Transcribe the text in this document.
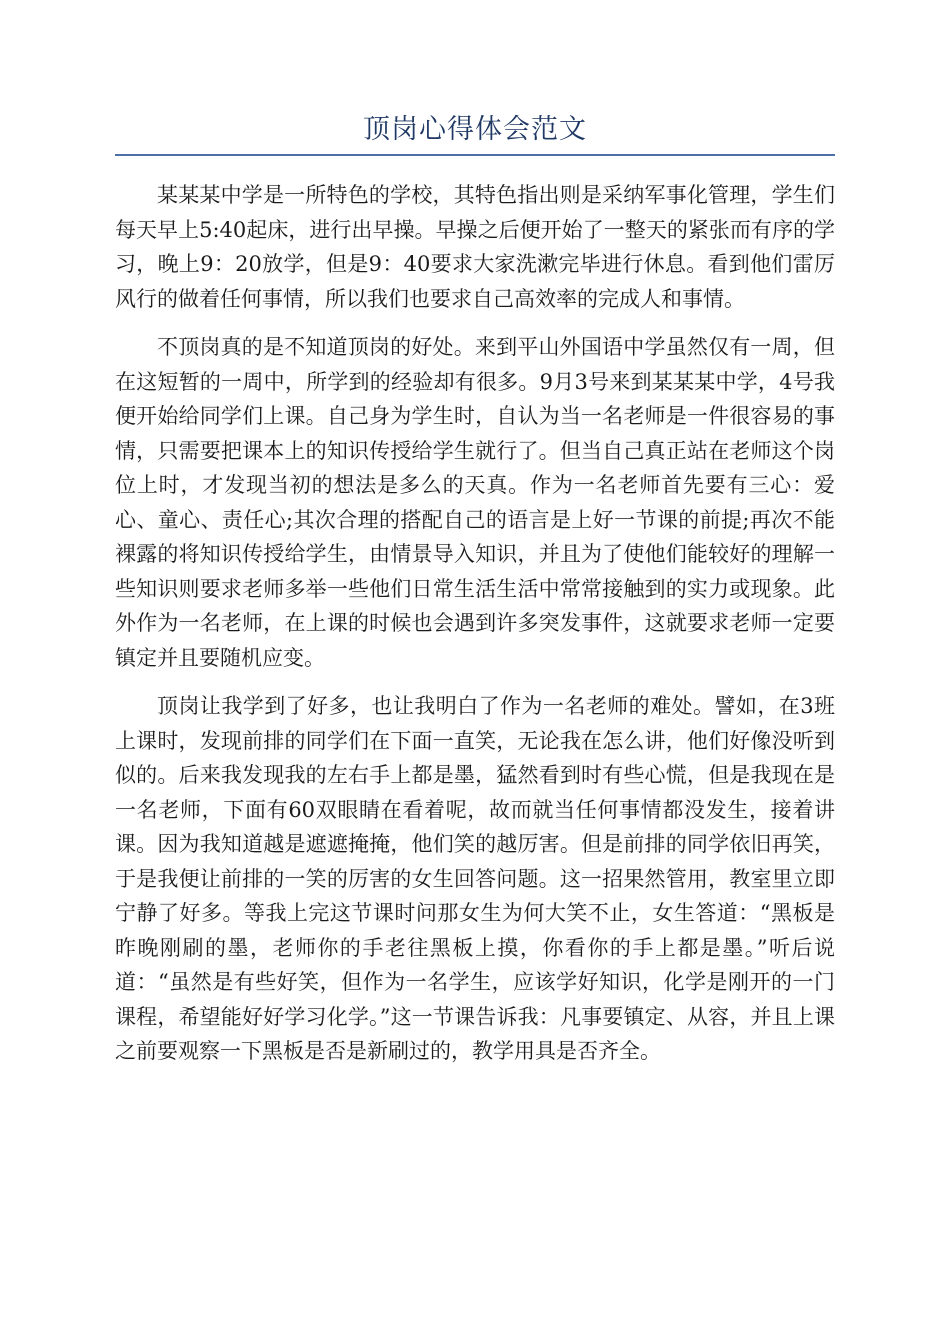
顶岗心得体会范文

某某某中学是一所特色的学校，其特色指出则是采纳军事化管理，学生们每天早上5:40起床，进行出早操。早操之后便开始了一整天的紧张而有序的学习，晚上9：20放学，但是9：40要求大家洗漱完毕进行休息。看到他们雷厉风行的做着任何事情，所以我们也要求自己高效率的完成人和事情。

不顶岗真的是不知道顶岗的好处。来到平山外国语中学虽然仅有一周，但在这短暂的一周中，所学到的经验却有很多。9月3号来到某某某中学，4号我便开始给同学们上课。自己身为学生时，自认为当一名老师是一件很容易的事情，只需要把课本上的知识传授给学生就行了。但当自己真正站在老师这个岗位上时，才发现当初的想法是多么的天真。作为一名老师首先要有三心：爱心、童心、责任心;其次合理的搭配自己的语言是上好一节课的前提;再次不能裸露的将知识传授给学生，由情景导入知识，并且为了使他们能较好的理解一些知识则要求老师多举一些他们日常生活生活中常常接触到的实力或现象。此外作为一名老师，在上课的时候也会遇到许多突发事件，这就要求老师一定要镇定并且要随机应变。

顶岗让我学到了好多，也让我明白了作为一名老师的难处。譬如，在3班上课时，发现前排的同学们在下面一直笑，无论我在怎么讲，他们好像没听到似的。后来我发现我的左右手上都是墨，猛然看到时有些心慌，但是我现在是一名老师，下面有60双眼睛在看着呢，故而就当任何事情都没发生，接着讲课。因为我知道越是遮遮掩掩，他们笑的越厉害。但是前排的同学依旧再笑，于是我便让前排的一笑的厉害的女生回答问题。这一招果然管用，教室里立即宁静了好多。等我上完这节课时问那女生为何大笑不止，女生答道：“黑板是昨晚刚刷的墨，老师你的手老往黑板上摸，你看你的手上都是墨。”听后说道：“虽然是有些好笑，但作为一名学生，应该学好知识，化学是刚开的一门课程，希望能好好学习化学。”这一节课告诉我：凡事要镇定、从容，并且上课之前要观察一下黑板是否是新刷过的，教学用具是否齐全。
